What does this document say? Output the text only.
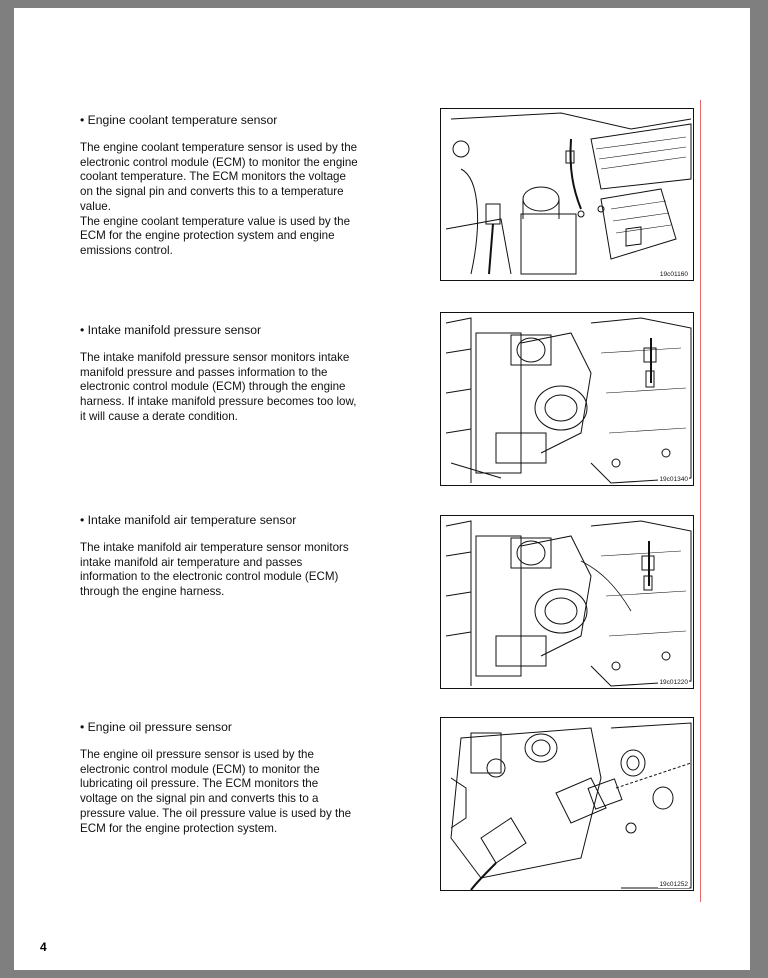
• Engine coolant temperature sensor

The engine coolant temperature sensor is used by the
electronic control module (ECM) to monitor the engine
coolant temperature. The ECM monitors the voltage
on the signal pin and converts this to a temperature
value.
The engine coolant temperature value is used by the
ECM for the engine protection system and engine
emissions control.

19c01160

• Intake manifold pressure sensor

The intake manifold pressure sensor monitors intake
manifold pressure and passes information to the
electronic control module (ECM) through the engine
harness. If intake manifold pressure becomes too low,
it will cause a derate condition.

19c01340

• Intake manifold air temperature sensor

The intake manifold air temperature sensor monitors
intake manifold air temperature and passes
information to the electronic control module (ECM)
through the engine harness.

19c01220

• Engine oil pressure sensor

The engine oil pressure sensor is used by the
electronic control module (ECM) to monitor the
lubricating oil pressure. The ECM monitors the
voltage on the signal pin and converts this to a
pressure value. The oil pressure value is used by the
ECM for the engine protection system.

19c01252
4
